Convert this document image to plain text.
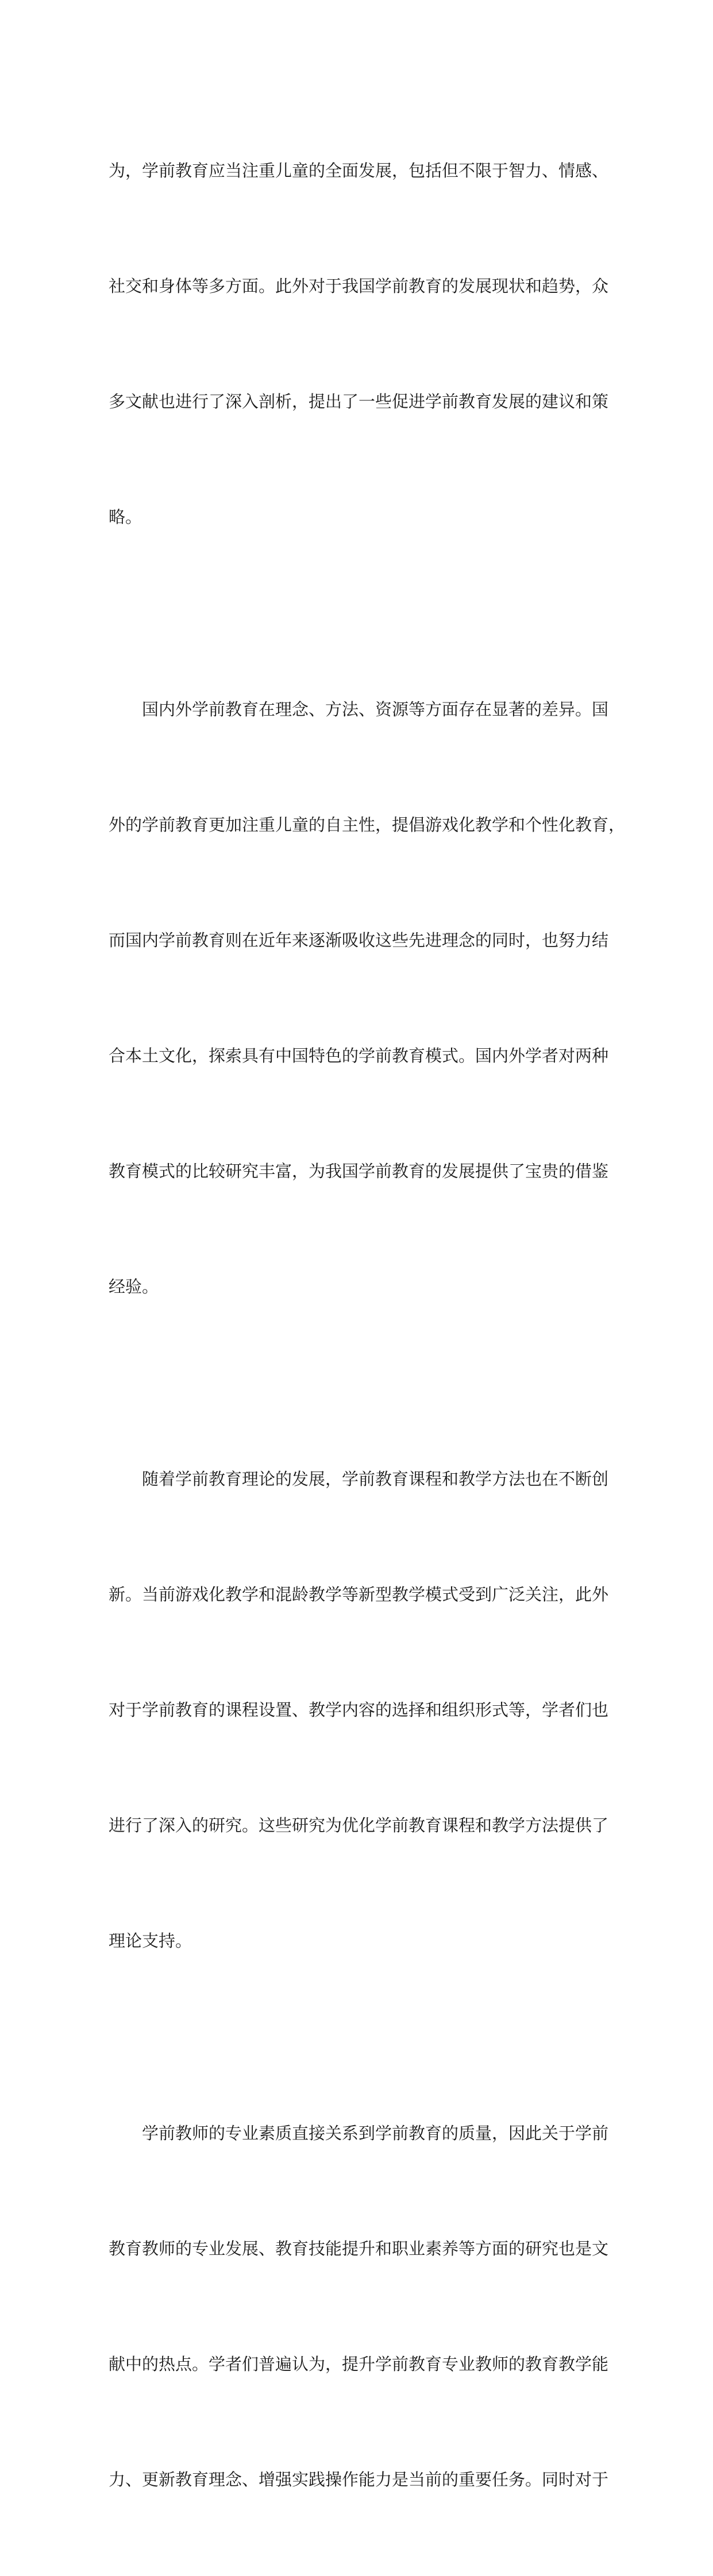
为，学前教育应当注重儿童的全面发展，包括但不限于智力、情感、

社交和身体等多方面。此外对于我国学前教育的发展现状和趋势，众

多文献也进行了深入剖析，提出了一些促进学前教育发展的建议和策

略。

国内外学前教育在理念、方法、资源等方面存在显著的差异。国

外的学前教育更加注重儿童的自主性，提倡游戏化教学和个性化教育，

而国内学前教育则在近年来逐渐吸收这些先进理念的同时，也努力结

合本土文化，探索具有中国特色的学前教育模式。国内外学者对两种

教育模式的比较研究丰富，为我国学前教育的发展提供了宝贵的借鉴

经验。

随着学前教育理论的发展，学前教育课程和教学方法也在不断创

新。当前游戏化教学和混龄教学等新型教学模式受到广泛关注，此外

对于学前教育的课程设置、教学内容的选择和组织形式等，学者们也

进行了深入的研究。这些研究为优化学前教育课程和教学方法提供了

理论支持。

学前教师的专业素质直接关系到学前教育的质量，因此关于学前

教育教师的专业发展、教育技能提升和职业素养等方面的研究也是文

献中的热点。学者们普遍认为，提升学前教育专业教师的教育教学能

力、更新教育理念、增强实践操作能力是当前的重要任务。同时对于
